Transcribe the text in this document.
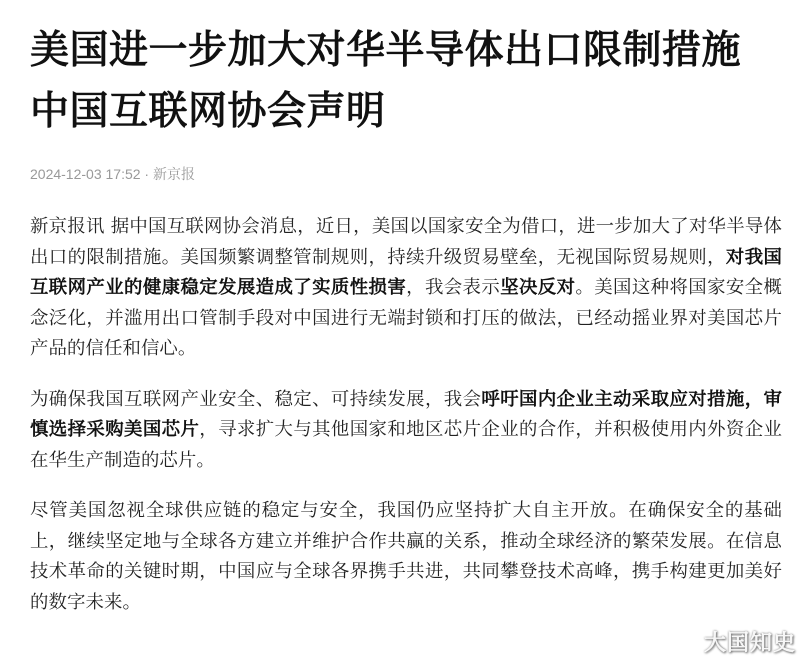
美国进一步加大对华半导体出口限制措施
中国互联网协会声明
2024-12-03 17:52 · 新京报

新京报讯 据中国互联网协会消息，近日，美国以国家安全为借口，进一步加大了对华半导体出口的限制措施。美国频繁调整管制规则，持续升级贸易壁垒，无视国际贸易规则，对我国互联网产业的健康稳定发展造成了实质性损害，我会表示坚决反对。美国这种将国家安全概念泛化，并滥用出口管制手段对中国进行无端封锁和打压的做法，已经动摇业界对美国芯片产品的信任和信心。

为确保我国互联网产业安全、稳定、可持续发展，我会呼吁国内企业主动采取应对措施，审慎选择采购美国芯片，寻求扩大与其他国家和地区芯片企业的合作，并积极使用内外资企业在华生产制造的芯片。

尽管美国忽视全球供应链的稳定与安全，我国仍应坚持扩大自主开放。在确保安全的基础上，继续坚定地与全球各方建立并维护合作共赢的关系，推动全球经济的繁荣发展。在信息技术革命的关键时期，中国应与全球各界携手共进，共同攀登技术高峰，携手构建更加美好的数字未来。

大国知史
